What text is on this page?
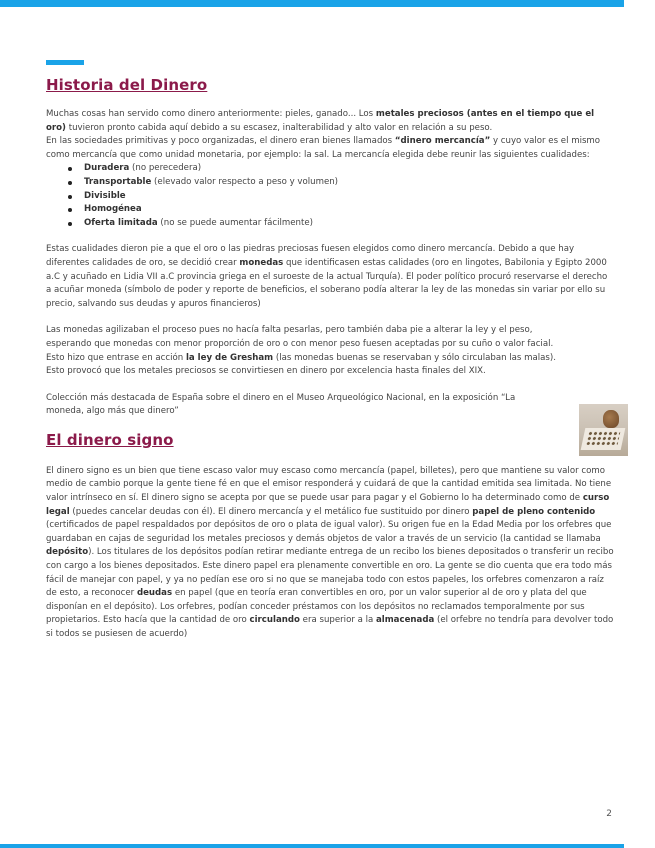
Historia del Dinero

Muchas cosas han servido como dinero anteriormente: pieles, ganado... Los metales preciosos (antes en el tiempo que el oro) tuvieron pronto cabida aquí debido a su escasez, inalterabilidad y alto valor en relación a su peso.

En las sociedades primitivas y poco organizadas, el dinero eran bienes llamados “dinero mercancía” y cuyo valor es el mismo como mercancía que como unidad monetaria, por ejemplo: la sal. La mercancía elegida debe reunir las siguientes cualidades:

Duradera (no perecedera)
Transportable (elevado valor respecto a peso y volumen)
Divisible
Homogénea
Oferta limitada (no se puede aumentar fácilmente)

Estas cualidades dieron pie a que el oro o las piedras preciosas fuesen elegidos como dinero mercancía. Debido a que hay diferentes calidades de oro, se decidió crear monedas que identificasen estas calidades (oro en lingotes, Babilonia y Egipto 2000 a.C y acuñado en Lidia VII a.C provincia griega en el suroeste de la actual Turquía). El poder político procuró reservarse el derecho a acuñar moneda (símbolo de poder y reporte de beneficios, el soberano podía alterar la ley de las monedas sin variar por ello su precio, salvando sus deudas y apuros financieros)

Las monedas agilizaban el proceso pues no hacía falta pesarlas, pero también daba pie a alterar la ley y el peso, esperando que monedas con menor proporción de oro o con menor peso fuesen aceptadas por su cuño o valor facial. Esto hizo que entrase en acción la ley de Gresham (las monedas buenas se reservaban y sólo circulaban las malas). Esto provocó que los metales preciosos se convirtiesen en dinero por excelencia hasta finales del XIX.

Colección más destacada de España sobre el dinero en el Museo Arqueológico Nacional, en la exposición “La moneda, algo más que dinero”

El dinero signo

El dinero signo es un bien que tiene escaso valor muy escaso como mercancía (papel, billetes), pero que mantiene su valor como medio de cambio porque la gente tiene fé en que el emisor responderá y cuidará de que la cantidad emitida sea limitada. No tiene valor intrínseco en sí. El dinero signo se acepta por que se puede usar para pagar y el Gobierno lo ha determinado como de curso legal (puedes cancelar deudas con él). El dinero mercancía y el metálico fue sustituido por dinero papel de pleno contenido (certificados de papel respaldados por depósitos de oro o plata de igual valor). Su origen fue en la Edad Media por los orfebres que guardaban en cajas de seguridad los metales preciosos y demás objetos de valor a través de un servicio (la cantidad se llamaba depósito). Los titulares de los depósitos podían retirar mediante entrega de un recibo los bienes depositados o transferir un recibo con cargo a los bienes depositados. Este dinero papel era plenamente convertible en oro. La gente se dio cuenta que era todo más fácil de manejar con papel, y ya no pedían ese oro si no que se manejaba todo con estos papeles, los orfebres comenzaron a raíz de esto, a reconocer deudas en papel (que en teoría eran convertibles en oro, por un valor superior al de oro y plata del que disponían en el depósito). Los orfebres, podían conceder préstamos con los depósitos no reclamados temporalmente por sus propietarios. Esto hacía que la cantidad de oro circulando era superior a la almacenada (el orfebre no tendría para devolver todo si todos se pusiesen de acuerdo)

2
